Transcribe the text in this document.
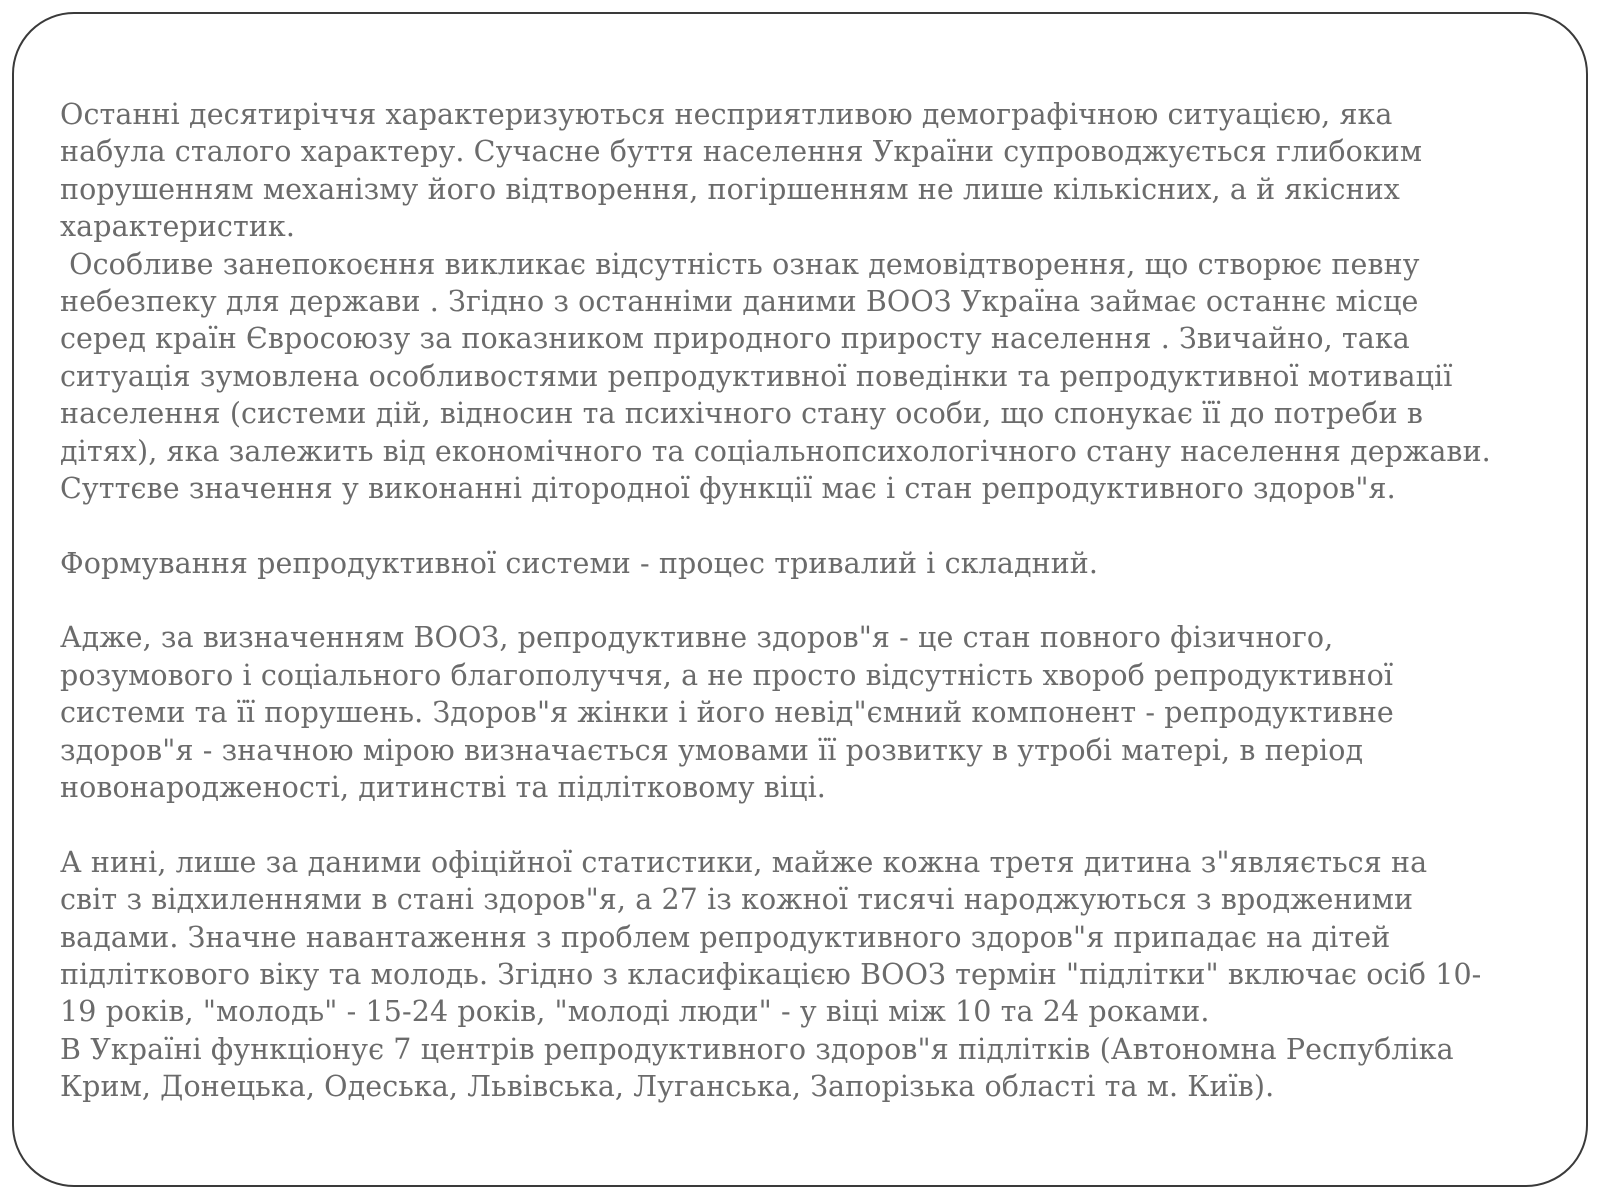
Останні десятиріччя характеризуються несприятливою демографічною ситуацією, яка
набула сталого характеру. Сучасне буття населення України супроводжується глибоким
порушенням механізму його відтворення, погіршенням не лише кількісних, а й якісних
характеристик.
Особливе занепокоєння викликає відсутність ознак демовідтворення, що створює певну
небезпеку для держави . Згідно з останніми даними ВООЗ Україна займає останнє місце
серед країн Євросоюзу за показником природного приросту населення . Звичайно, така
ситуація зумовлена особливостями репродуктивної поведінки та репродуктивної мотивації
населення (системи дій, відносин та психічного стану особи, що спонукає її до потреби в
дітях), яка залежить від економічного та соціальнопсихологічного стану населення держави.
Суттєве значення у виконанні дітородної функції має і стан репродуктивного здоров"я.
Формування репродуктивної системи - процес тривалий і складний.
Адже, за визначенням ВООЗ, репродуктивне здоров"я - це стан повного фізичного,
розумового і соціального благополуччя, а не просто відсутність хвороб репродуктивної
системи та її порушень. Здоров"я жінки і його невід"ємний компонент - репродуктивне
здоров"я - значною мірою визначається умовами її розвитку в утробі матері, в період
новонародженості, дитинстві та підлітковому віці.
А нині, лише за даними офіційної статистики, майже кожна третя дитина з"являється на
світ з відхиленнями в стані здоров"я, а 27 із кожної тисячі народжуються з вродженими
вадами. Значне навантаження з проблем репродуктивного здоров"я припадає на дітей
підліткового віку та молодь. Згідно з класифікацією ВООЗ термін "підлітки" включає осіб 10-
19 років, "молодь" - 15-24 років, "молоді люди" - у віці між 10 та 24 роками.
В Україні функціонує 7 центрів репродуктивного здоров"я підлітків (Автономна Республіка
Крим, Донецька, Одеська, Львівська, Луганська, Запорізька області та м. Київ).
